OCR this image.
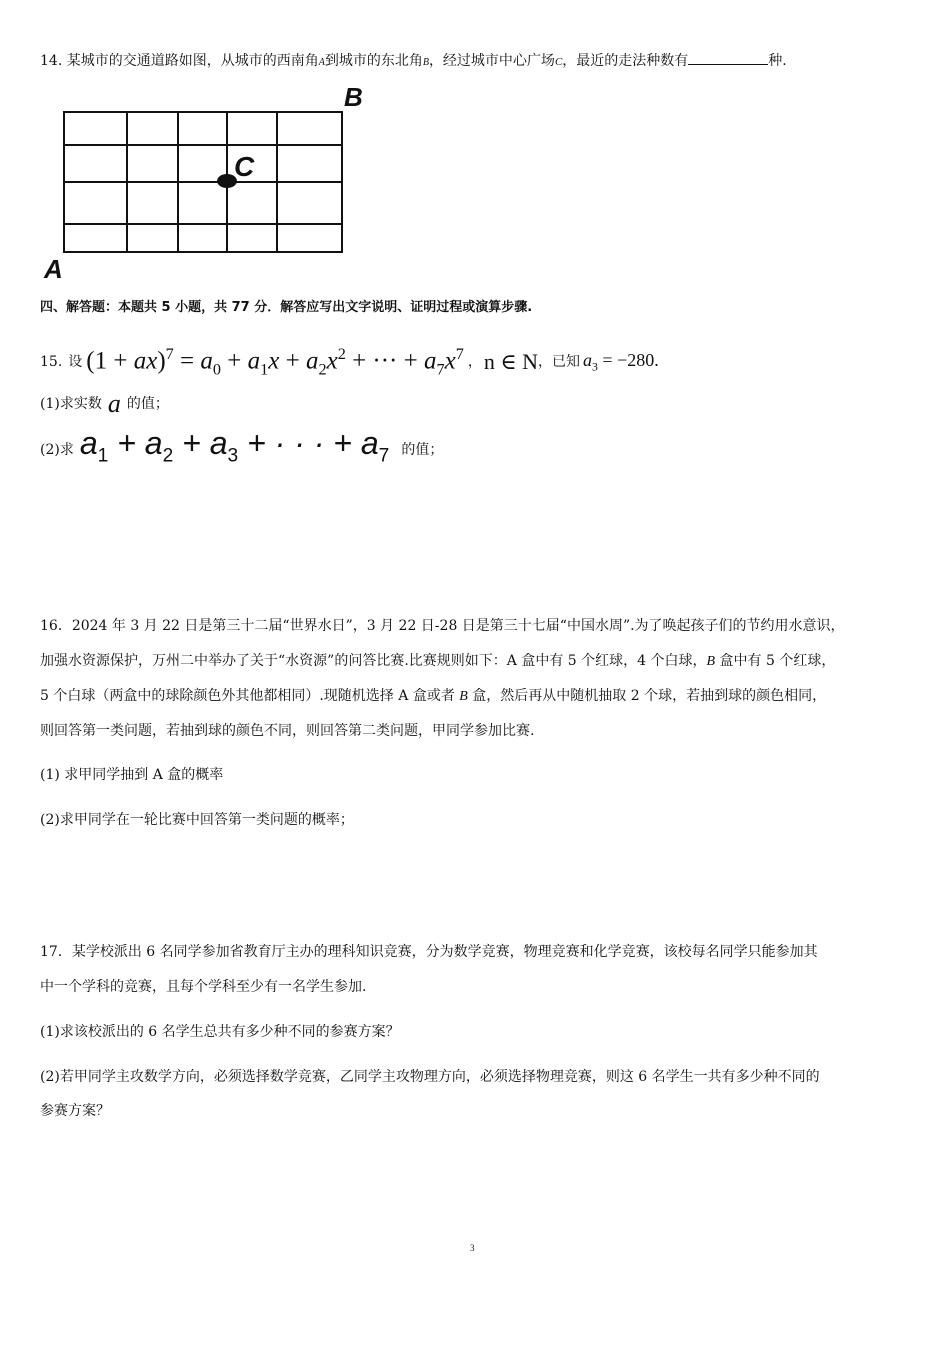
14. 某城市的交通道路如图，从城市的西南角A到城市的东北角B，经过城市中心广场C，最近的走法种数有	种.
C
B
A
四、解答题：本题共 5 小题，共 77 分．解答应写出文字说明、证明过程或演算步骤.
15. 设 $(1 + ax)^7 = a_0 + a_1x + a_2x^2$ + ··· + $a_7x^7$ ， n ∈ N ， 已知 $a_3 = -280$.
(1)求实数 a 的值；
(2)求 $a_1 + a_2 + a_3$ + · · · + $a_7$ 的值；
16．2024 年 3 月 22 日是第三十二届“世界水日”，3 月 22 日-28 日是第三十七届“中国水周”.为了唤起孩子们的节约用水意识，
加强水资源保护，万州二中举办了关于“水资源”的问答比赛.比赛规则如下：A 盒中有 5 个红球，4 个白球，B 盒中有 5 个红球，
5 个白球（两盒中的球除颜色外其他都相同）.现随机选择 A 盒或者 B 盒，然后再从中随机抽取 2 个球，若抽到球的颜色相同，
则回答第一类问题，若抽到球的颜色不同，则回答第二类问题，甲同学参加比赛.
(1) 求甲同学抽到 A 盒的概率
(2)求甲同学在一轮比赛中回答第一类问题的概率；
17．某学校派出 6 名同学参加省教育厅主办的理科知识竞赛，分为数学竞赛，物理竞赛和化学竞赛，该校每名同学只能参加其
中一个学科的竞赛，且每个学科至少有一名学生参加.
(1)求该校派出的 6 名学生总共有多少种不同的参赛方案？
(2)若甲同学主攻数学方向，必须选择数学竞赛，乙同学主攻物理方向，必须选择物理竞赛，则这 6 名学生一共有多少种不同的
参赛方案？
3
